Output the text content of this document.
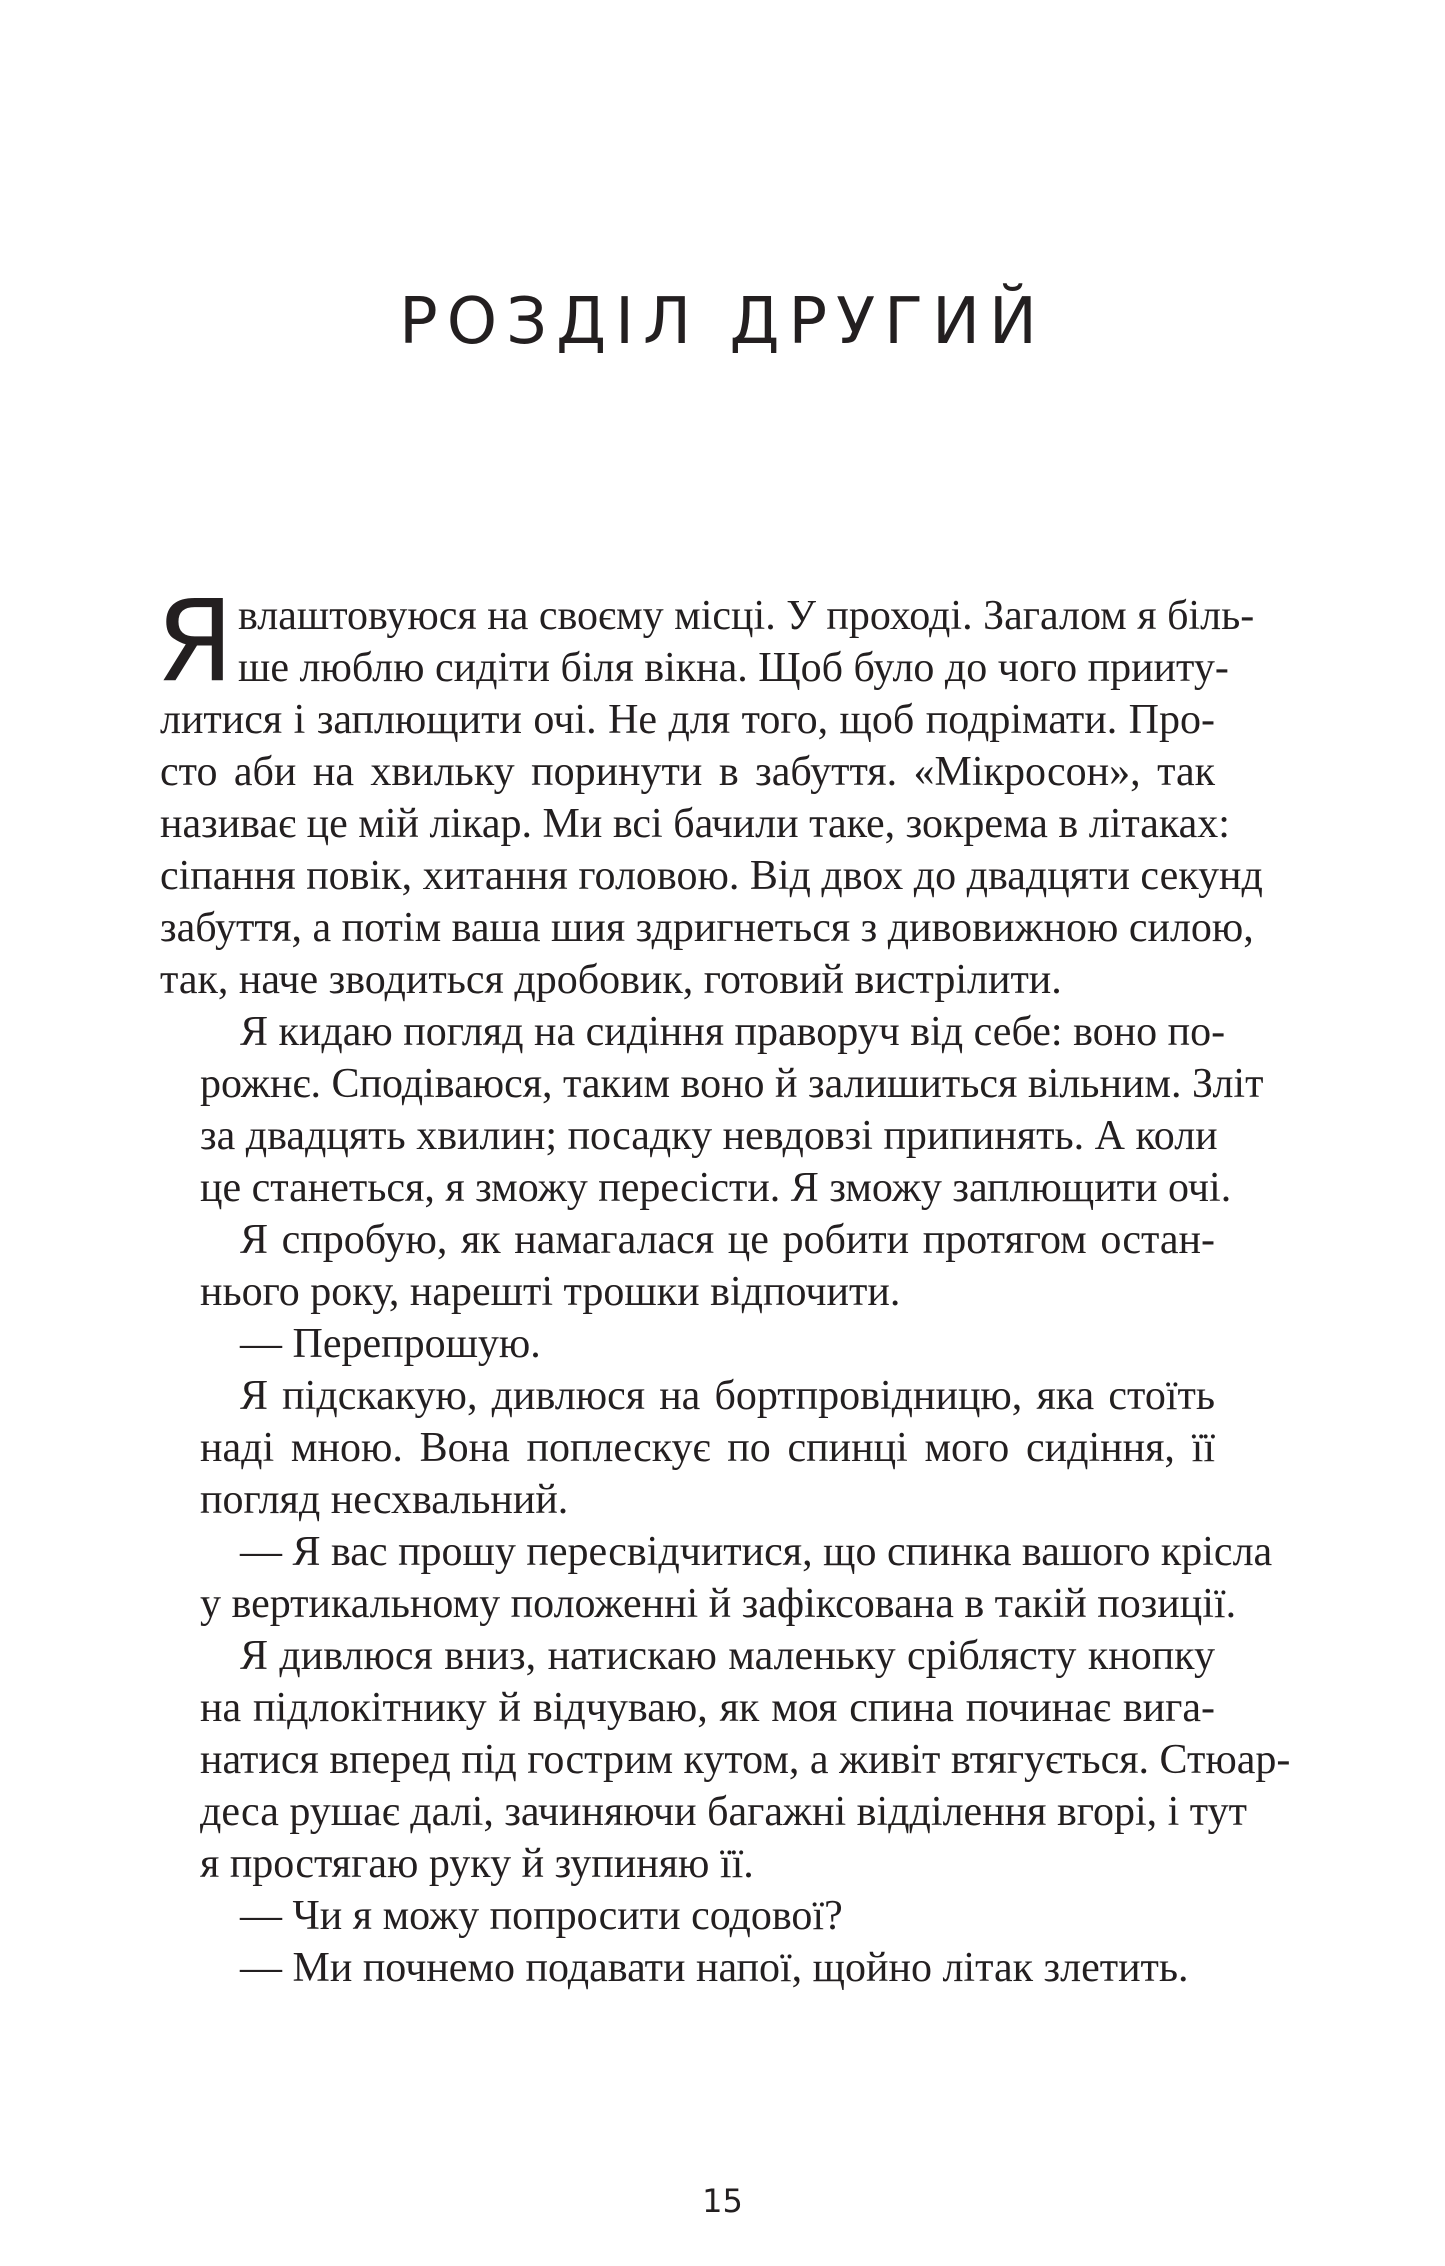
РОЗДІЛ ДРУГИЙ
Я влаштовуюся на своєму місці. У проході. Загалом я біль-
ше люблю сидіти біля вікна. Щоб було до чого прииту-
литися і заплющити очі. Не для того, щоб подрімати. Про-
сто аби на хвильку поринути в забуття. «Мікросон», так
називає це мій лікар. Ми всі бачили таке, зокрема в літаках:
сіпання повік, хитання головою. Від двох до двадцяти секунд
забуття, а потім ваша шия здригнеться з дивовижною силою,
так, наче зводиться дробовик, готовий вистрілити.
Я кидаю погляд на сидіння праворуч від себе: воно по-
рожнє. Сподіваюся, таким воно й залишиться вільним. Зліт
за двадцять хвилин; посадку невдовзі припинять. А коли
це станеться, я зможу пересісти. Я зможу заплющити очі.
Я спробую, як намагалася це робити протягом остан-
нього року, нарешті трошки відпочити.
— Перепрошую.
Я підскакую, дивлюся на бортпровідницю, яка стоїть
наді мною. Вона поплескує по спинці мого сидіння, її
погляд несхвальний.
— Я вас прошу пересвідчитися, що спинка вашого крісла
у вертикальному положенні й зафіксована в такій позиції.
Я дивлюся вниз, натискаю маленьку сріблясту кнопку
на підлокітнику й відчуваю, як моя спина починає вига-
натися вперед під гострим кутом, а живіт втягується. Стюар-
деса рушає далі, зачиняючи багажні відділення вгорі, і тут
я простягаю руку й зупиняю її.
— Чи я можу попросити содової?
— Ми почнемо подавати напої, щойно літак злетить.
15
